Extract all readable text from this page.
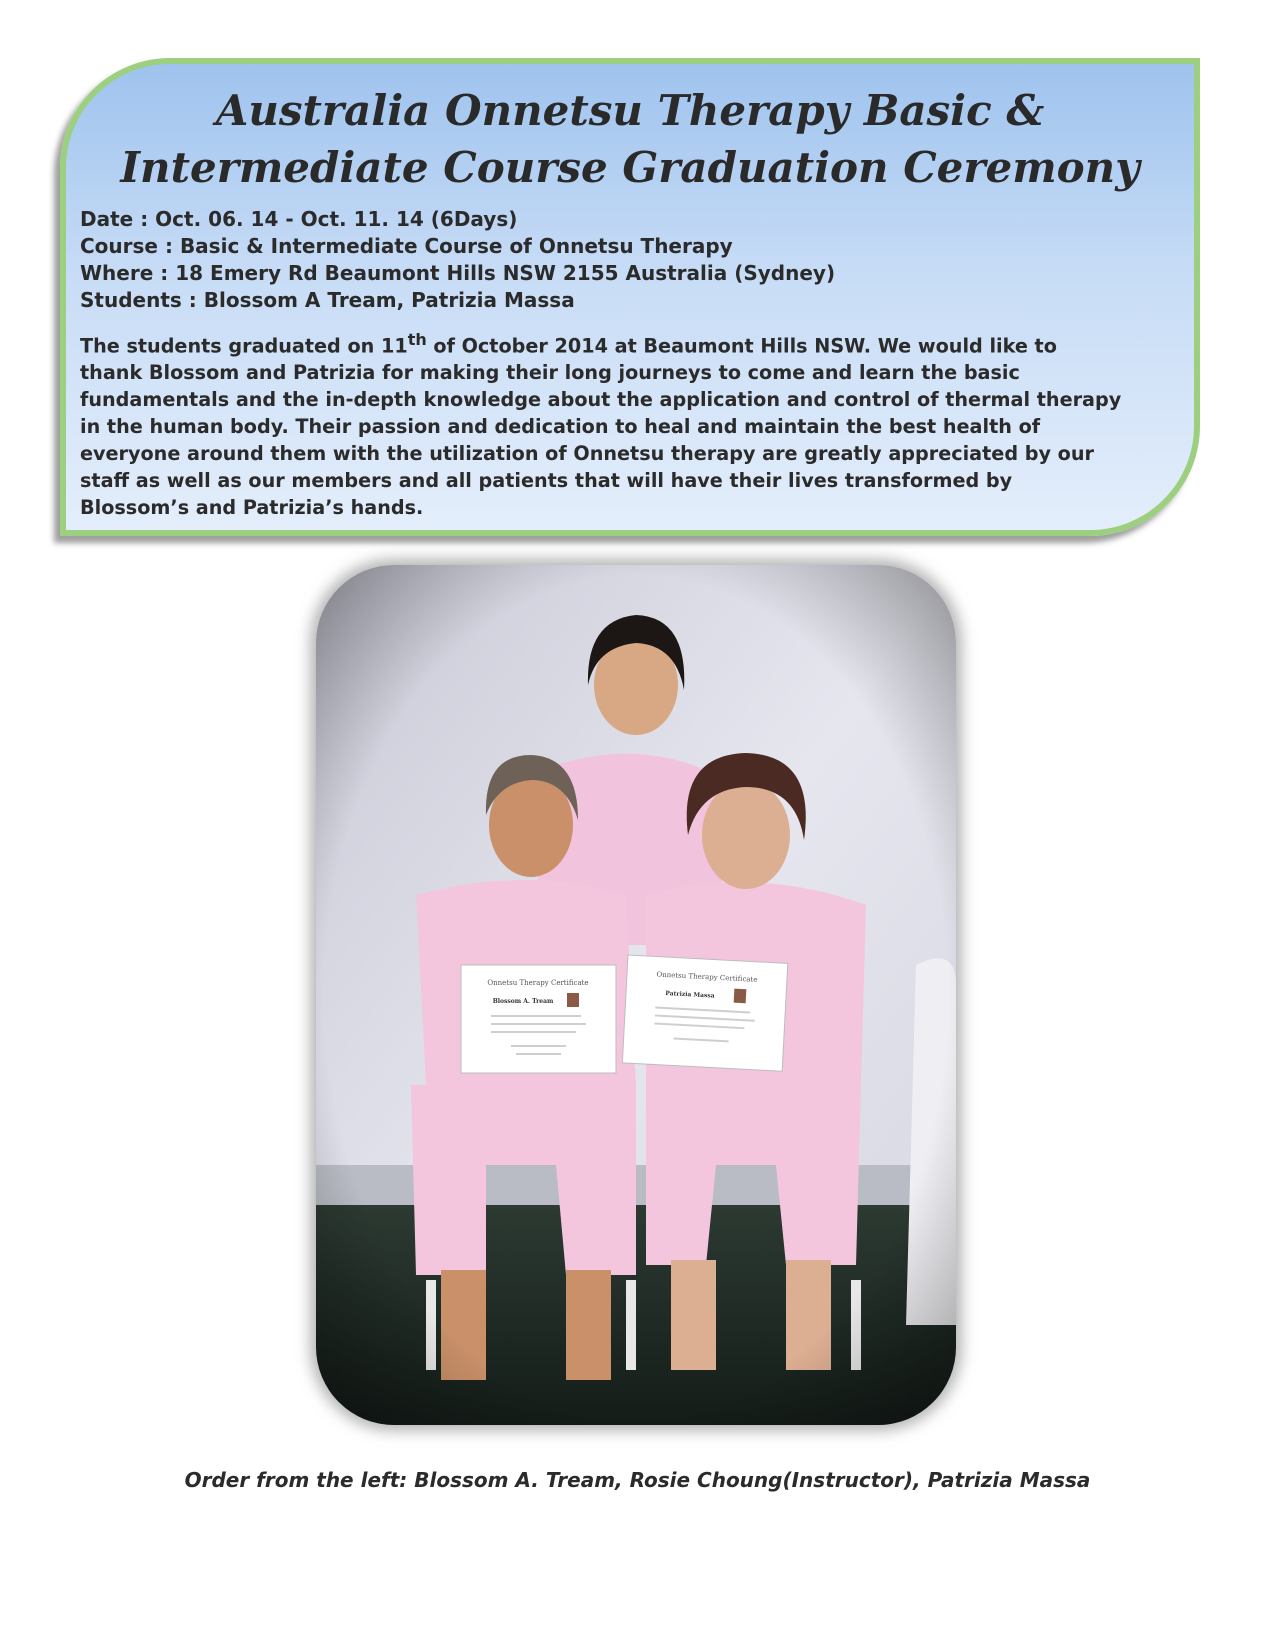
Australia Onnetsu Therapy Basic &
Intermediate Course Graduation Ceremony
Date : Oct. 06. 14 - Oct. 11. 14 (6Days)
Course : Basic & Intermediate Course of Onnetsu Therapy
Where : 18 Emery Rd Beaumont Hills NSW 2155 Australia (Sydney)
Students : Blossom A Tream, Patrizia Massa

The students graduated on 11th of October 2014 at Beaumont Hills NSW. We would like to
thank Blossom and Patrizia for making their long journeys to come and learn the basic
fundamentals and the in-depth knowledge about the application and control of thermal therapy
in the human body. Their passion and dedication to heal and maintain the best health of
everyone around them with the utilization of Onnetsu therapy are greatly appreciated by our
staff as well as our members and all patients that will have their lives transformed by
Blossom’s and Patrizia’s hands.

Order from the left: Blossom A. Tream, Rosie Choung(Instructor), Patrizia Massa
